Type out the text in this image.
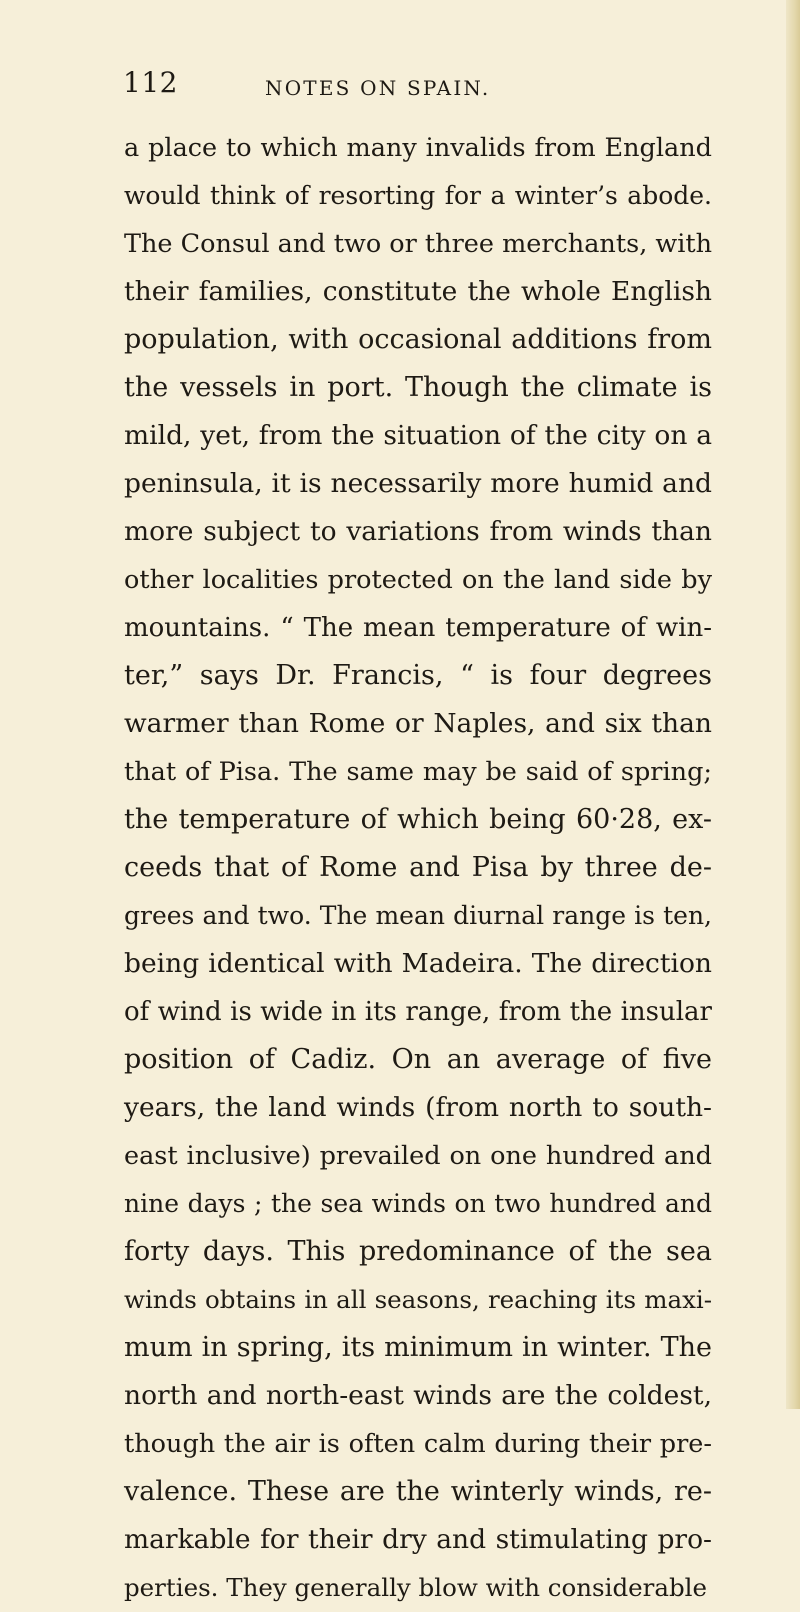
112	NOTES ON SPAIN.
a place to which many invalids from England
would think of resorting for a winter’s abode.
The Consul and two or three merchants, with
their families, constitute the whole English
population, with occasional additions from
the vessels in port. Though the climate is
mild, yet, from the situation of the city on a
peninsula, it is necessarily more humid and
more subject to variations from winds than
other localities protected on the land side by
mountains. “ The mean temperature of win-
ter,” says Dr. Francis, “ is four degrees
warmer than Rome or Naples, and six than
that of Pisa. The same may be said of spring;
the temperature of which being 60·28, ex-
ceeds that of Rome and Pisa by three de-
grees and two. The mean diurnal range is ten,
being identical with Madeira. The direction
of wind is wide in its range, from the insular
position of Cadiz. On an average of five
years, the land winds (from north to south-
east inclusive) prevailed on one hundred and
nine days ; the sea winds on two hundred and
forty days. This predominance of the sea
winds obtains in all seasons, reaching its maxi-
mum in spring, its minimum in winter. The
north and north-east winds are the coldest,
though the air is often calm during their pre-
valence. These are the winterly winds, re-
markable for their dry and stimulating pro-
perties. They generally blow with considerable
